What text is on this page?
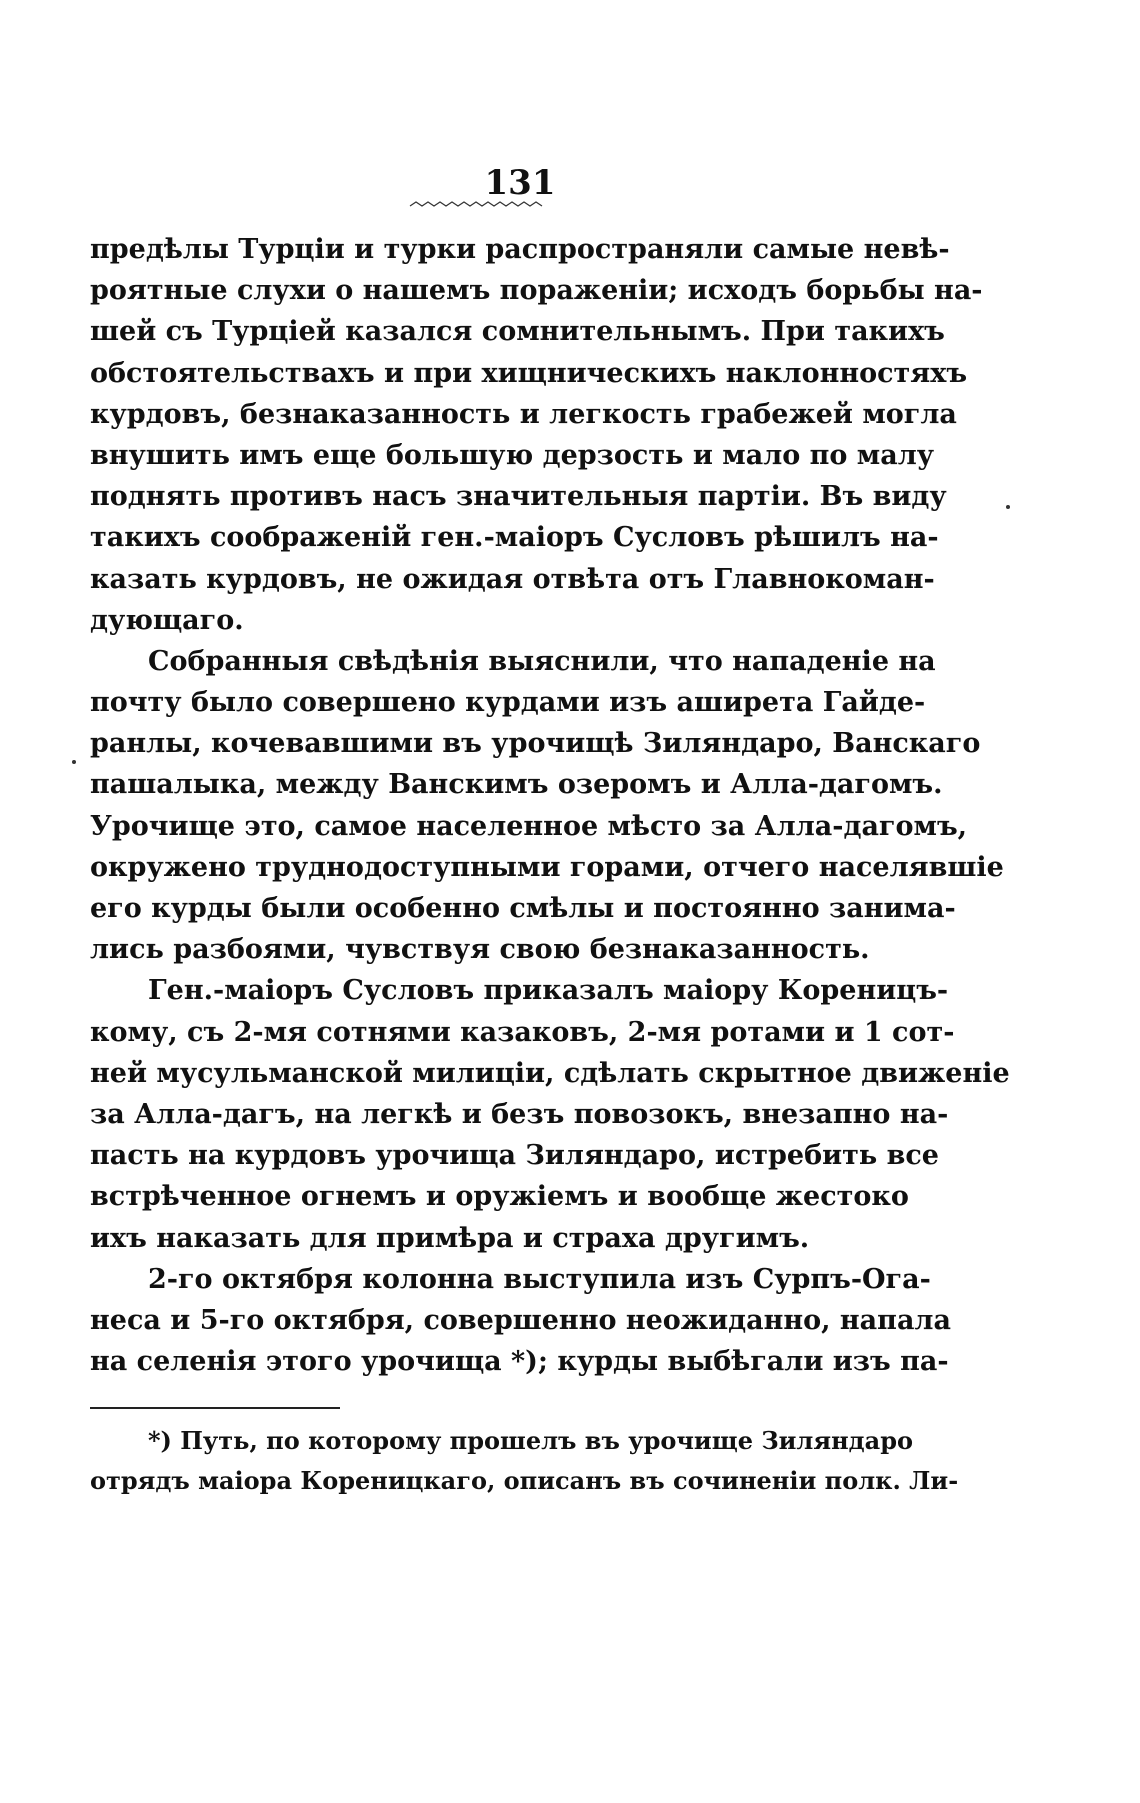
131
предѣлы Турціи и турки распространяли самые невѣ-
роятные слухи о нашемъ пораженіи; исходъ борьбы на-
шей съ Турціей казался сомнительнымъ. При такихъ
обстоятельствахъ и при хищническихъ наклонностяхъ
курдовъ, безнаказанность и легкость грабежей могла
внушить имъ еще большую дерзость и мало по малу
поднять противъ насъ значительныя партіи. Въ виду
такихъ соображеній ген.-маіоръ Сусловъ рѣшилъ на-
казать курдовъ, не ожидая отвѣта отъ Главнокоман-
дующаго.
Собранныя свѣдѣнія выяснили, что нападеніе на
почту было совершено курдами изъ аширета Гайде-
ранлы, кочевавшими въ урочищѣ Зиляндаро, Ванскаго
пашалыка, между Ванскимъ озеромъ и Алла-дагомъ.
Урочище это, самое населенное мѣсто за Алла-дагомъ,
окружено труднодоступными горами, отчего населявшіе
его курды были особенно смѣлы и постоянно занима-
лись разбоями, чувствуя свою безнаказанность.
Ген.-маіоръ Сусловъ приказалъ маіору Кореницъ-
кому, съ 2-мя сотнями казаковъ, 2-мя ротами и 1 сот-
ней мусульманской милиціи, сдѣлать скрытное движеніе
за Алла-дагъ, на легкѣ и безъ повозокъ, внезапно на-
пасть на курдовъ урочища Зиляндаро, истребить все
встрѣченное огнемъ и оружіемъ и вообще жестоко
ихъ наказать для примѣра и страха другимъ.
2-го октября колонна выступила изъ Сурпъ-Ога-
неса и 5-го октября, совершенно неожиданно, напала
на селенія этого урочища *); курды выбѣгали изъ па-
*) Путь, по которому прошелъ въ урочище Зиляндаро
отрядъ маіора Кореницкаго, описанъ въ сочиненіи полк. Ли-
